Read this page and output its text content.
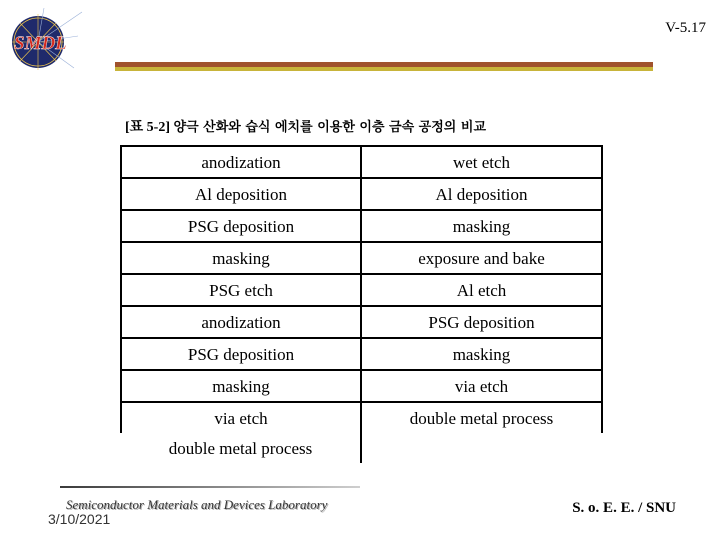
SMDL
V-5.17
[표 5-2] 양극 산화와 습식 에치를 이용한 이층 금속 공정의 비교
anodization	wet etch
Al deposition	Al deposition
PSG deposition	masking
masking	exposure and bake
PSG etch	Al etch
anodization	PSG deposition
PSG deposition	masking
masking	via etch
via etch	double metal process
double metal process	
Semiconductor Materials and Devices Laboratory
3/10/2021
S. o. E. E. / SNU
